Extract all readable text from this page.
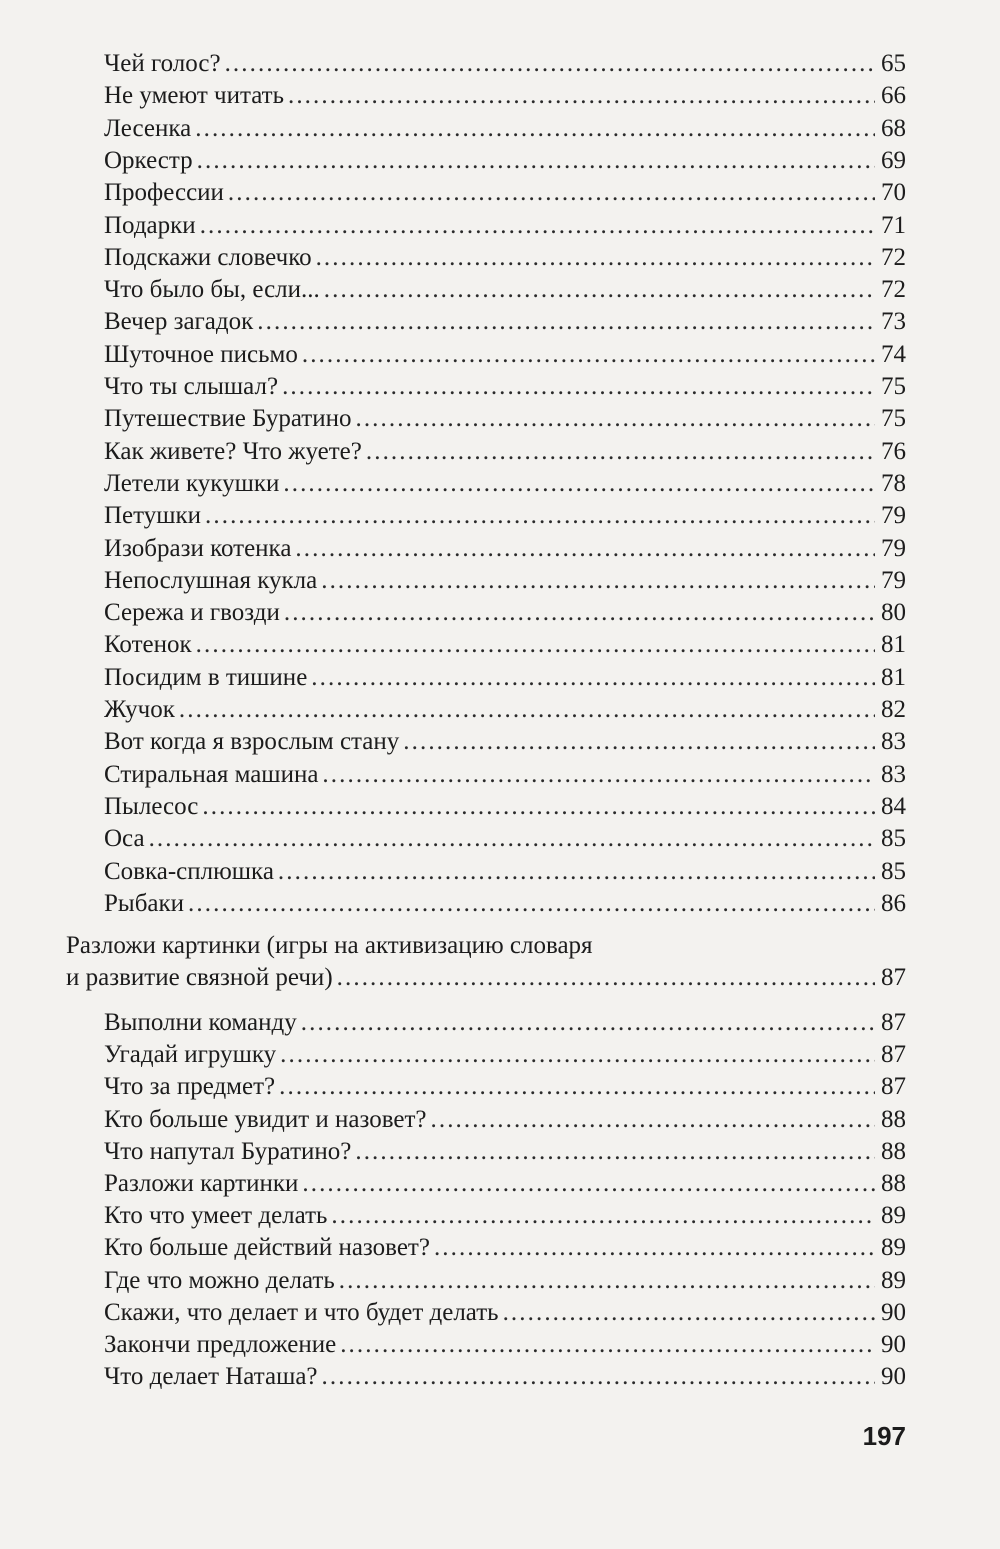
Разложи картинки (игры на активизацию словаря
и развитие связной речи) .....	87
Чей голос? .....	65
Не умеют читать .....	66
Лесенка .....	68
Оркестр .....	69
Профессии .....	70
Подарки .....	71
Подскажи словечко .....	72
Что было бы, если... .....	72
Вечер загадок .....	73
Шуточное письмо .....	74
Что ты слышал? .....	75
Путешествие Буратино .....	75
Как живете? Что жуете? .....	76
Летели кукушки .....	78
Петушки .....	79
Изобрази котенка .....	79
Непослушная кукла .....	79
Сережа и гвозди .....	80
Котенок .....	81
Посидим в тишине .....	81
Жучок .....	82
Вот когда я взрослым стану .....	83
Стиральная машина .....	83
Пылесос .....	84
Оса .....	85
Совка-сплюшка .....	85
Рыбаки .....	86
Выполни команду .....	87
Угадай игрушку .....	87
Что за предмет? .....	87
Кто больше увидит и назовет? .....	88
Что напутал Буратино? .....	88
Разложи картинки .....	88
Кто что умеет делать .....	89
Кто больше действий назовет? .....	89
Где что можно делать .....	89
Скажи, что делает и что будет делать .....	90
Закончи предложение .....	90
Что делает Наташа? .....	90
197
